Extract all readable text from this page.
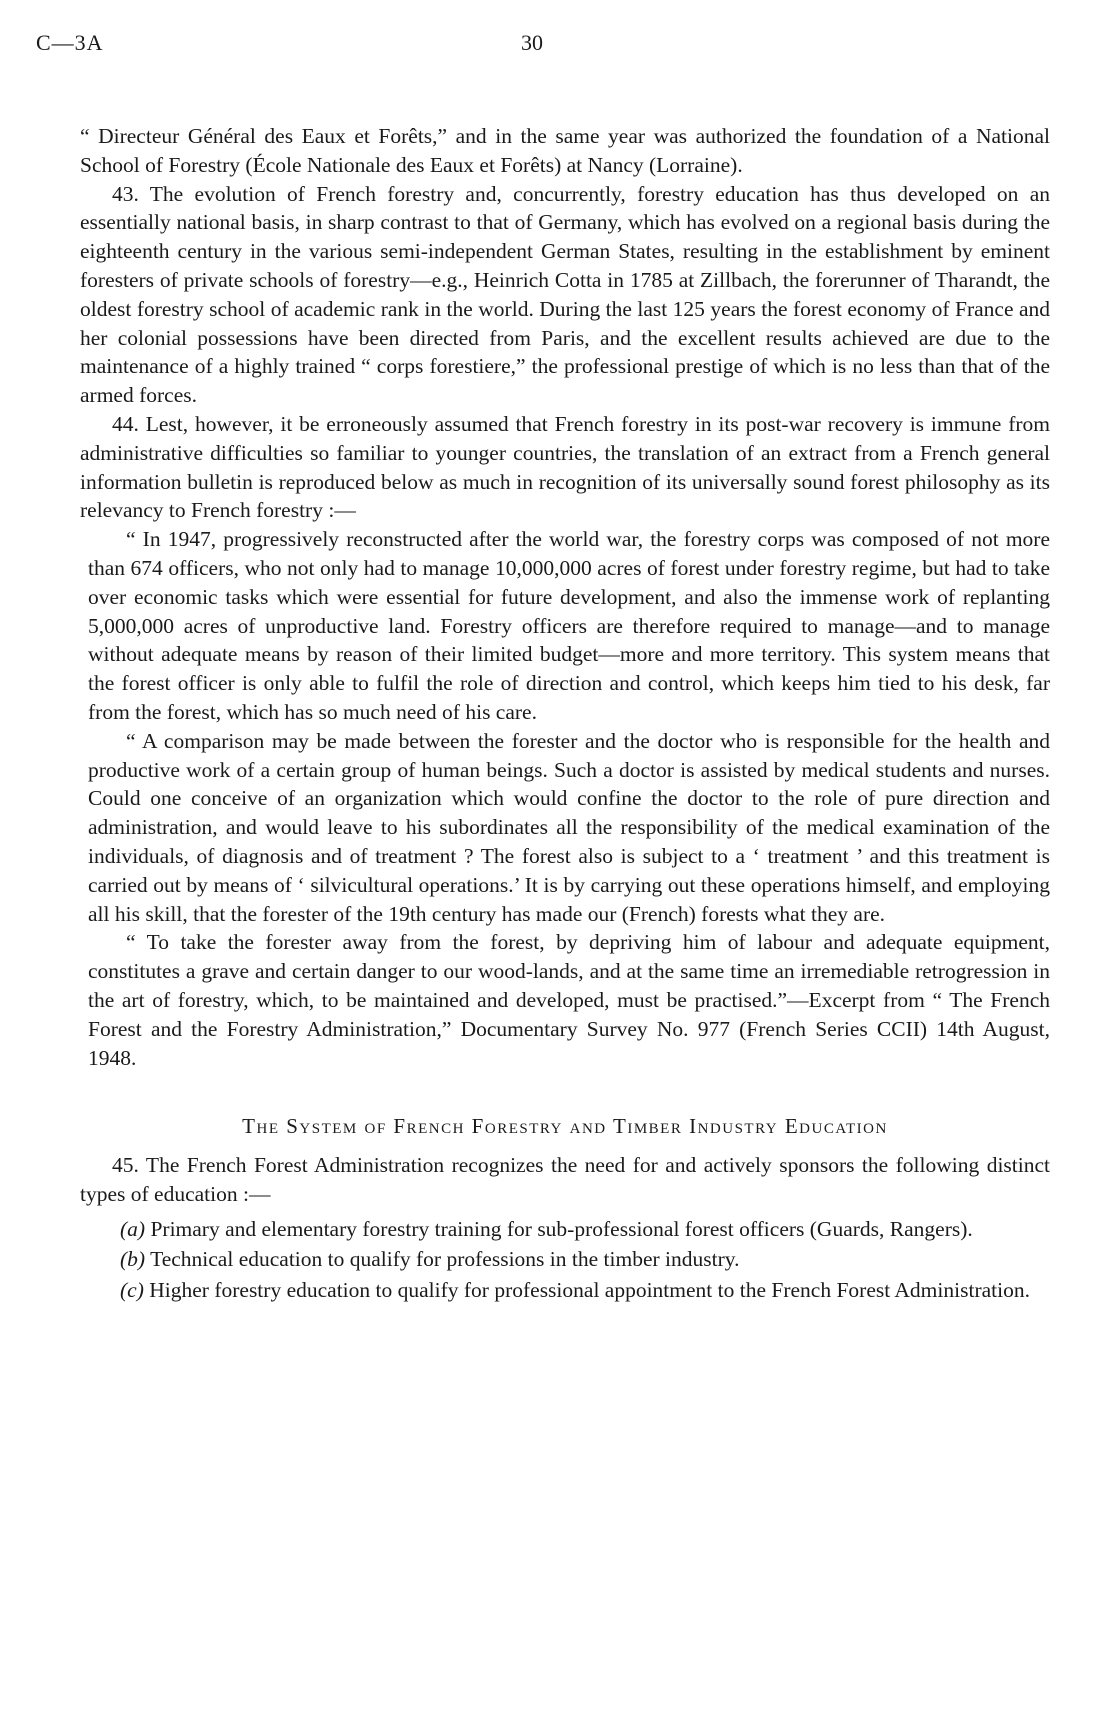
C—3A	30

“ Directeur Général des Eaux et Forêts,” and in the same year was authorized the foundation of a National School of Forestry (École Nationale des Eaux et Forêts) at Nancy (Lorraine).

43. The evolution of French forestry and, concurrently, forestry education has thus developed on an essentially national basis, in sharp contrast to that of Germany, which has evolved on a regional basis during the eighteenth century in the various semi-independent German States, resulting in the establishment by eminent foresters of private schools of forestry—e.g., Heinrich Cotta in 1785 at Zillbach, the forerunner of Tharandt, the oldest forestry school of academic rank in the world. During the last 125 years the forest economy of France and her colonial possessions have been directed from Paris, and the excellent results achieved are due to the maintenance of a highly trained “ corps forestiere,” the professional prestige of which is no less than that of the armed forces.

44. Lest, however, it be erroneously assumed that French forestry in its post-war recovery is immune from administrative difficulties so familiar to younger countries, the translation of an extract from a French general information bulletin is reproduced below as much in recognition of its universally sound forest philosophy as its relevancy to French forestry :—

“ In 1947, progressively reconstructed after the world war, the forestry corps was composed of not more than 674 officers, who not only had to manage 10,000,000 acres of forest under forestry regime, but had to take over economic tasks which were essential for future development, and also the immense work of replanting 5,000,000 acres of unproductive land. Forestry officers are therefore required to manage—and to manage without adequate means by reason of their limited budget—more and more territory. This system means that the forest officer is only able to fulfil the role of direction and control, which keeps him tied to his desk, far from the forest, which has so much need of his care.

“ A comparison may be made between the forester and the doctor who is responsible for the health and productive work of a certain group of human beings. Such a doctor is assisted by medical students and nurses. Could one conceive of an organization which would confine the doctor to the role of pure direction and administration, and would leave to his subordinates all the responsibility of the medical examination of the individuals, of diagnosis and of treatment ? The forest also is subject to a ‘ treatment ’ and this treatment is carried out by means of ‘ silvicultural operations.’ It is by carrying out these operations himself, and employing all his skill, that the forester of the 19th century has made our (French) forests what they are.

“ To take the forester away from the forest, by depriving him of labour and adequate equipment, constitutes a grave and certain danger to our wood-lands, and at the same time an irremediable retrogression in the art of forestry, which, to be maintained and developed, must be practised.”—Excerpt from “ The French Forest and the Forestry Administration,” Documentary Survey No. 977 (French Series CCII) 14th August, 1948.

The System of French Forestry and Timber Industry Education

45. The French Forest Administration recognizes the need for and actively sponsors the following distinct types of education :—

(a) Primary and elementary forestry training for sub-professional forest officers (Guards, Rangers).
(b) Technical education to qualify for professions in the timber industry.
(c) Higher forestry education to qualify for professional appointment to the French Forest Administration.
